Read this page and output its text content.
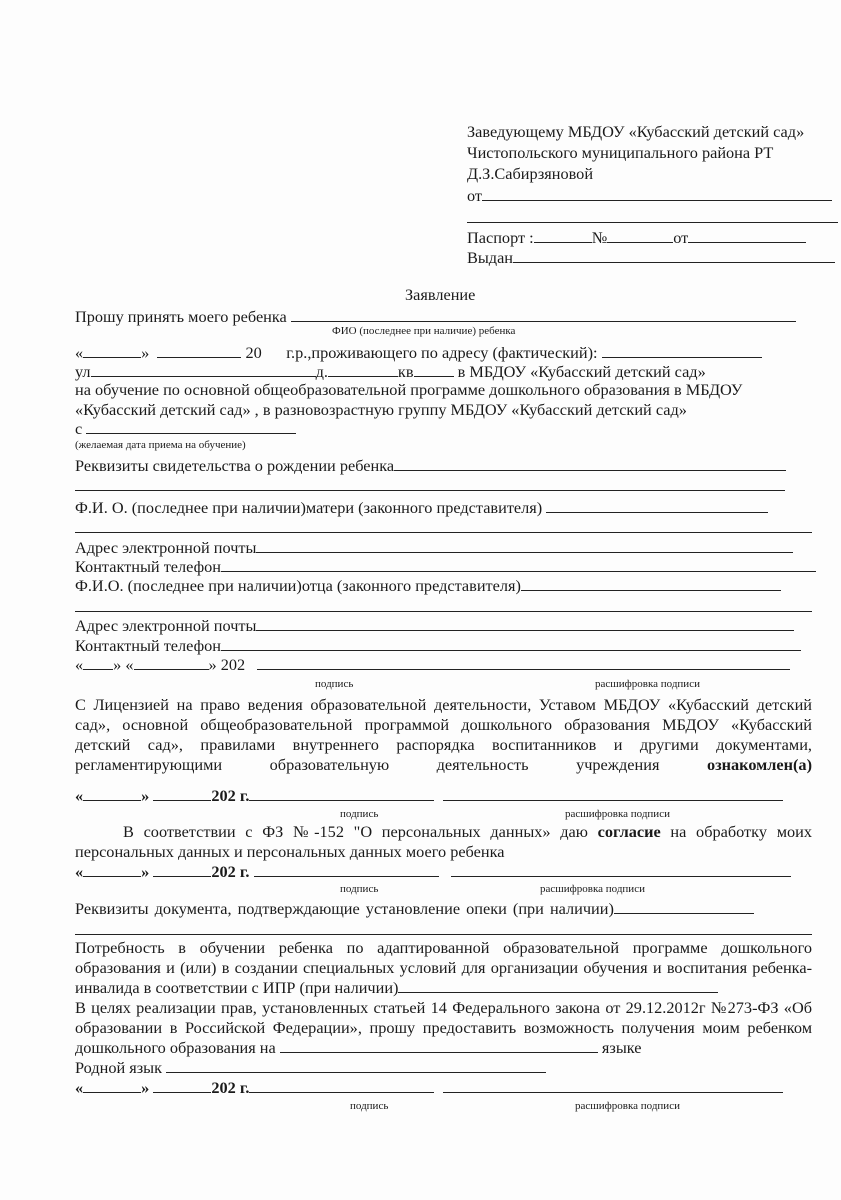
Заведующему МБДОУ «Кубасский детский сад»
Чистопольского муниципального района РТ
Д.З.Сабирзяновой
от
Паспорт :	№	от
Выдан
Заявление
Прошу принять моего ребенка
ФИО (последнее при наличие) ребенка
«	»	20 г.р.,проживающего по адресу (фактический):
ул	д.	кв	в МБДОУ «Кубасский детский сад»
на обучение по основной общеобразовательной программе дошкольного образования в МБДОУ
«Кубасский детский сад» , в разновозрастную группу МБДОУ «Кубасский детский сад»
с
(желаемая дата приема на обучение)
Реквизиты свидетельства о рождении ребенка
Ф.И. О. (последнее при наличии)матери (законного представителя)
Адрес электронной почты
Контактный телефон
Ф.И.О. (последнее при наличии)отца (законного представителя)
Адрес электронной почты
Контактный телефон
« » «	» 202
подпись	расшифровка подписи
С Лицензией на право ведения образовательной деятельности, Уставом МБДОУ «Кубасский детский сад», основной общеобразовательной программой дошкольного образования МБДОУ «Кубасский детский сад», правилами внутреннего распорядка воспитанников и другими документами, регламентирующими образовательную деятельность учреждения ознакомлен(а)
«	»	202 г.
подпись	расшифровка подписи
В соответствии с ФЗ №-152 "О персональных данных» даю согласие на обработку моих персональных данных и персональных данных моего ребенка
«	»	202 г.
подпись	расшифровка подписи
Реквизиты документа, подтверждающие установление опеки (при наличии)
Потребность в обучении ребенка по адаптированной образовательной программе дошкольного образования и (или) в создании специальных условий для организации обучения и воспитания ребенка-инвалида в соответствии с ИПР (при наличии)
В целях реализации прав, установленных статьей 14 Федерального закона от 29.12.2012г №273-ФЗ «Об образовании в Российской Федерации», прошу предоставить возможность получения моим ребенком дошкольного образования на	языке
Родной язык
«	»	202 г.
подпись	расшифровка подписи
